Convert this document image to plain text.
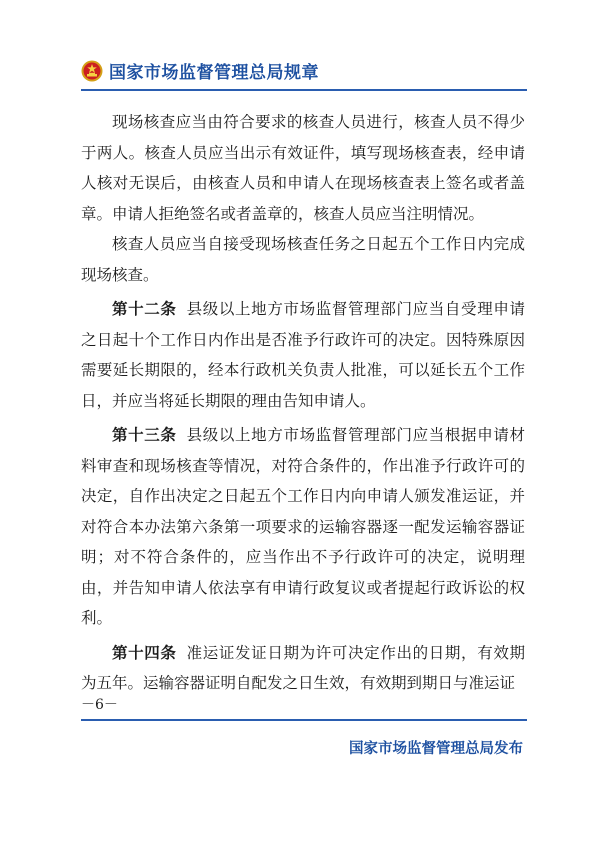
国家市场监督管理总局规章

现场核查应当由符合要求的核查人员进行，核查人员不得少于两人。核查人员应当出示有效证件，填写现场核查表，经申请人核对无误后，由核查人员和申请人在现场核查表上签名或者盖章。申请人拒绝签名或者盖章的，核查人员应当注明情况。

核查人员应当自接受现场核查任务之日起五个工作日内完成现场核查。

第十二条 县级以上地方市场监督管理部门应当自受理申请之日起十个工作日内作出是否准予行政许可的决定。因特殊原因需要延长期限的，经本行政机关负责人批准，可以延长五个工作日，并应当将延长期限的理由告知申请人。

第十三条 县级以上地方市场监督管理部门应当根据申请材料审查和现场核查等情况，对符合条件的，作出准予行政许可的决定，自作出决定之日起五个工作日内向申请人颁发准运证，并对符合本办法第六条第一项要求的运输容器逐一配发运输容器证明；对不符合条件的，应当作出不予行政许可的决定，说明理由，并告知申请人依法享有申请行政复议或者提起行政诉讼的权利。

第十四条 准运证发证日期为许可决定作出的日期，有效期为五年。运输容器证明自配发之日生效，有效期到期日与准运证

－6－
国家市场监督管理总局发布
